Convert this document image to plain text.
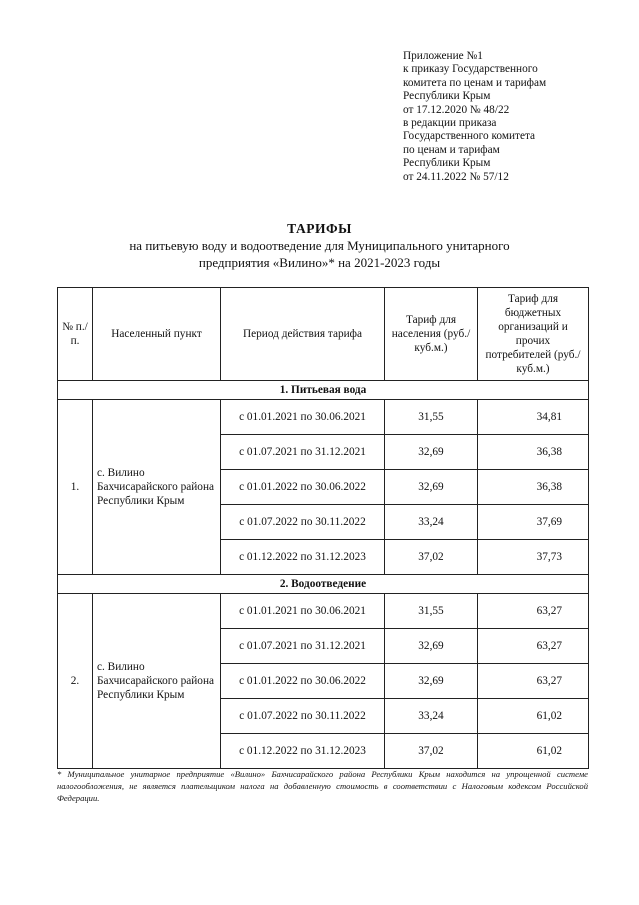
Приложение №1
к приказу Государственного
комитета по ценам и тарифам
Республики Крым
от 17.12.2020 № 48/22
в редакции приказа
Государственного комитета
по ценам и тарифам
Республики Крым
от 24.11.2022 № 57/12
ТАРИФЫ
на питьевую воду и водоотведение для Муниципального унитарного
предприятия «Вилино»* на 2021-2023 годы
№ п./п.	Населенный пункт	Период действия тарифа	Тариф для населения (руб./куб.м.)	Тариф для бюджетных организаций и прочих потребителей (руб./куб.м.)
1. Питьевая вода				
1.	с. Вилино Бахчисарайского района Республики Крым	с 01.01.2021 по 30.06.2021	31,55	34,81
		с 01.07.2021 по 31.12.2021	32,69	36,38
		с 01.01.2022 по 30.06.2022	32,69	36,38
		с 01.07.2022 по 30.11.2022	33,24	37,69
		с 01.12.2022 по 31.12.2023	37,02	37,73
2. Водоотведение				
2.	с. Вилино Бахчисарайского района Республики Крым	с 01.01.2021 по 30.06.2021	31,55	63,27
		с 01.07.2021 по 31.12.2021	32,69	63,27
		с 01.01.2022 по 30.06.2022	32,69	63,27
		с 01.07.2022 по 30.11.2022	33,24	61,02
		с 01.12.2022 по 31.12.2023	37,02	61,02
* Муниципальное унитарное предприятие «Вилино» Бахчисарайского района Республики Крым находится на упрощенной системе налогообложения, не является плательщиком налога на добавленную стоимость в соответствии с Налоговым кодексом Российской Федерации.
